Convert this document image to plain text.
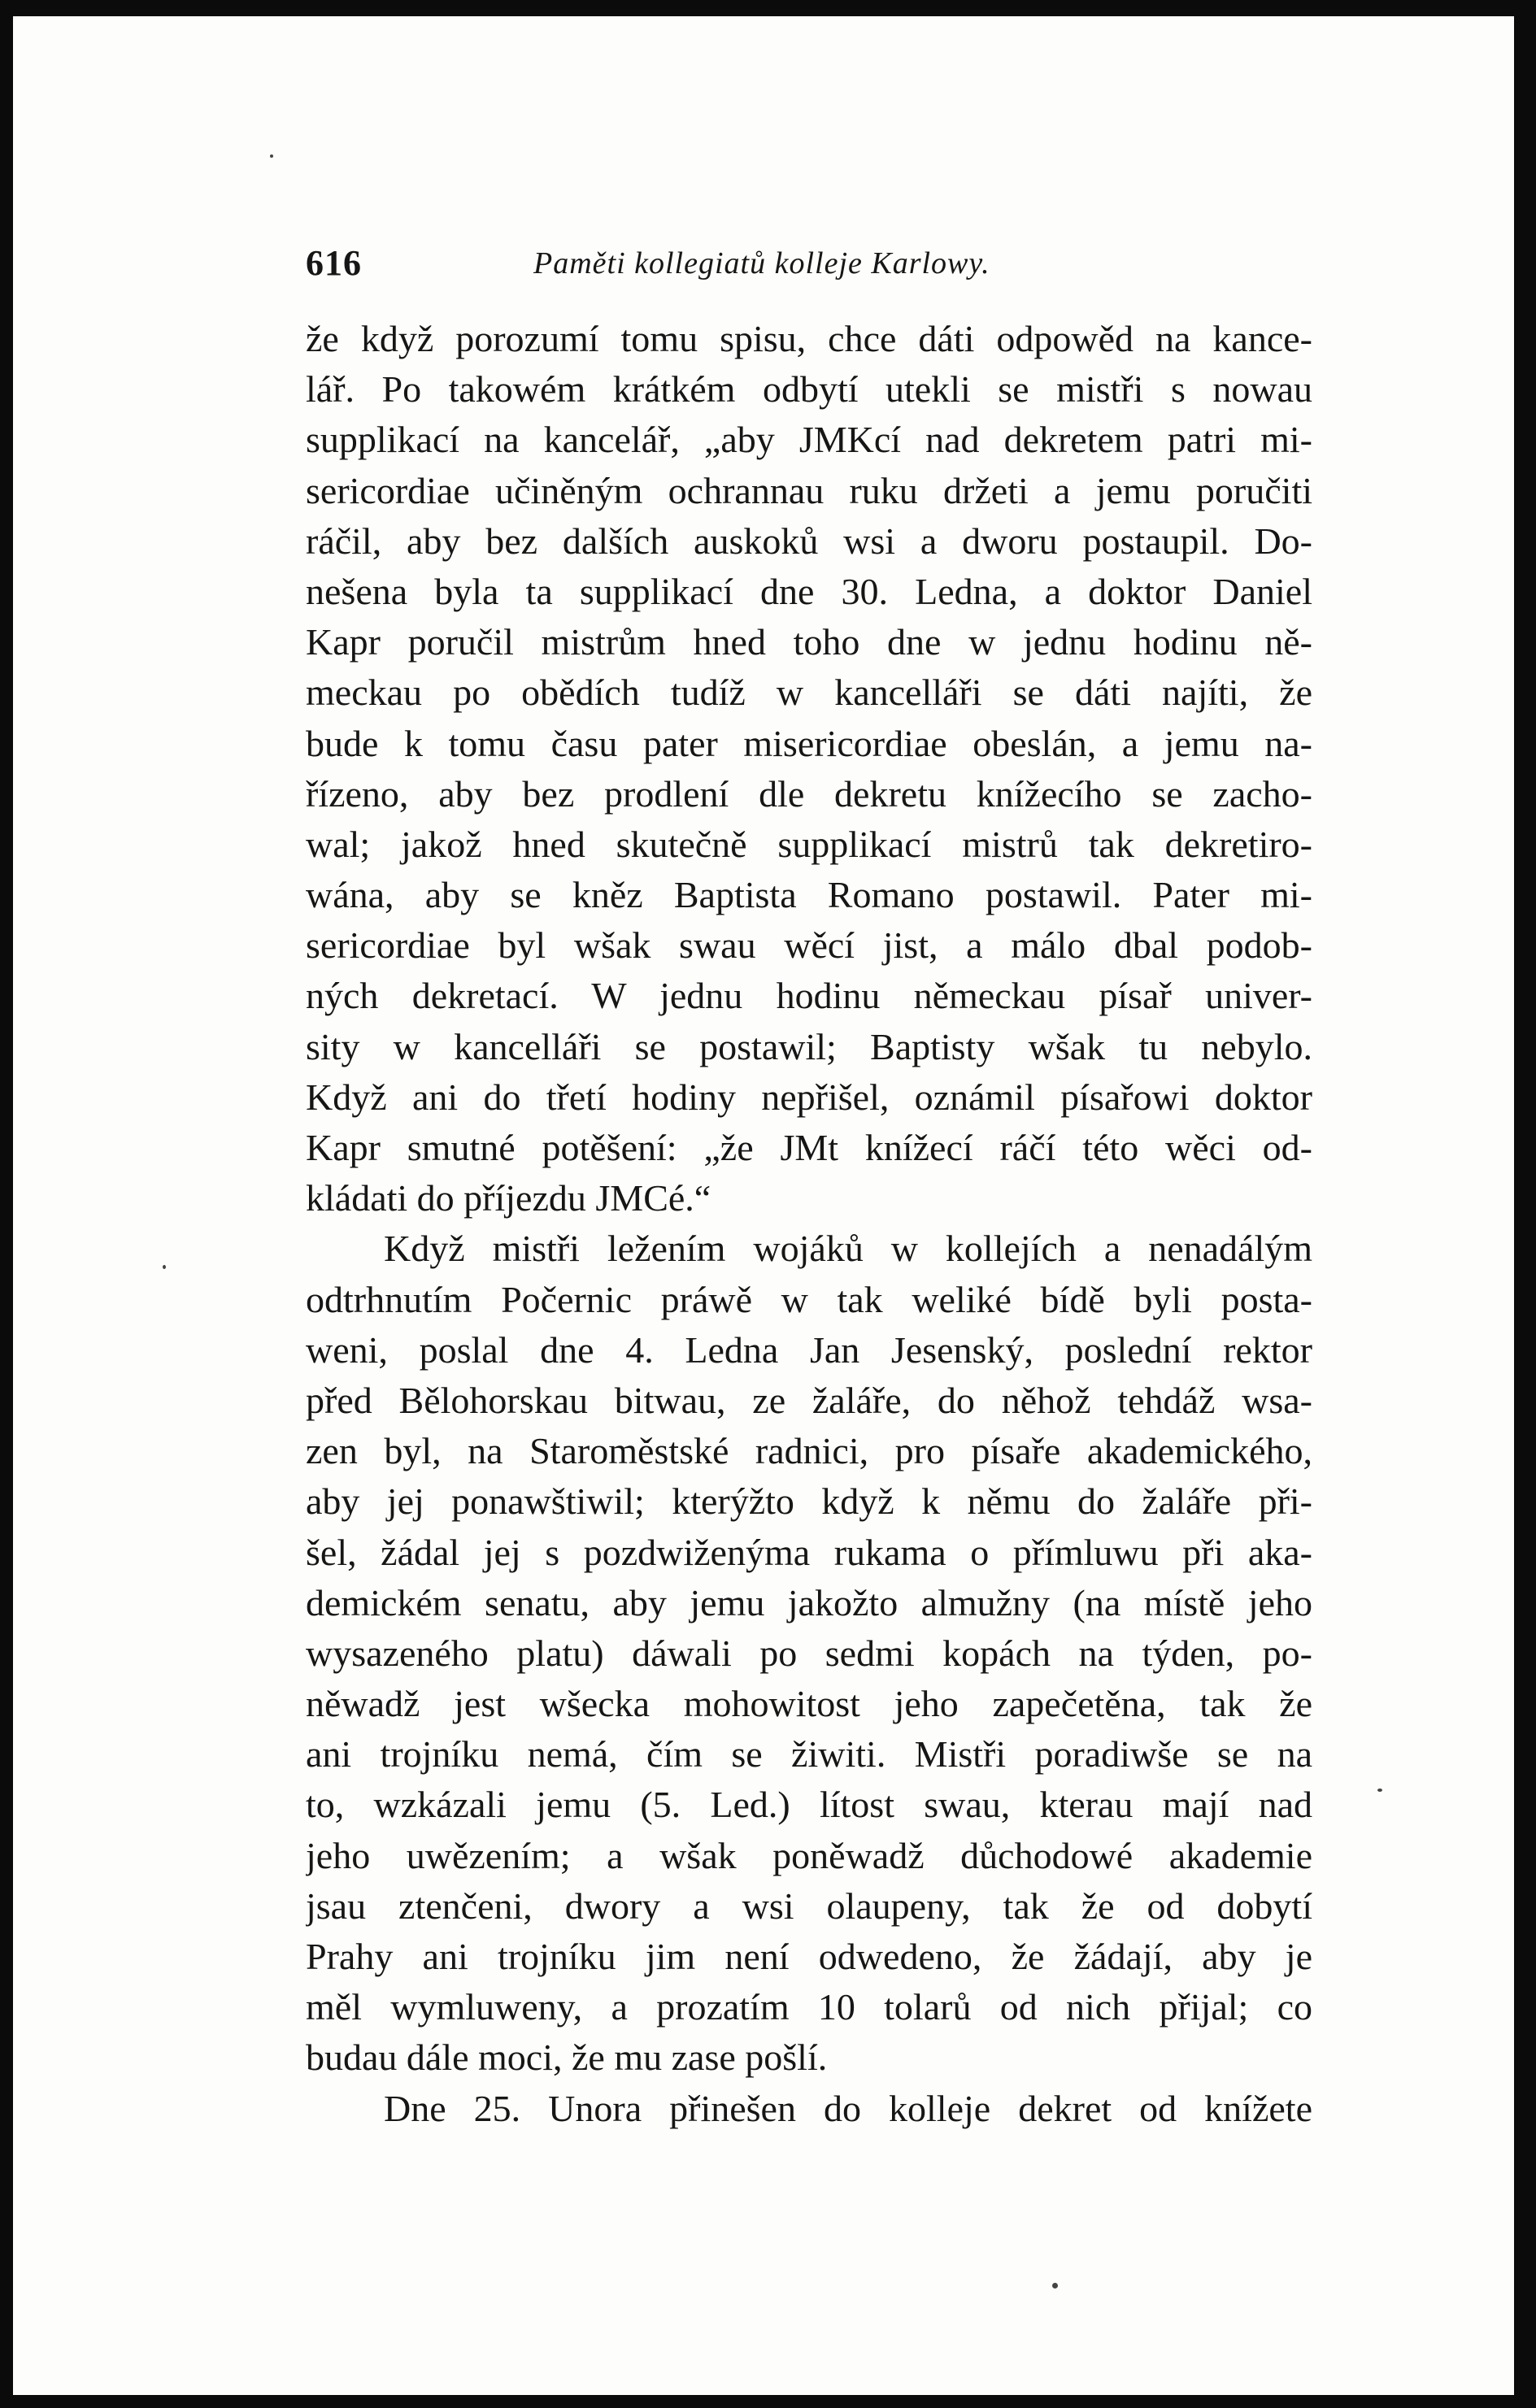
616	Paměti kollegiatů kolleje Karlowy.
že když porozumí tomu spisu, chce dáti odpowěd na kance-
lář. Po takowém krátkém odbytí utekli se mistři s nowau
supplikací na kancelář, „aby JMKcí nad dekretem patri mi-
sericordiae učiněným ochrannau ruku držeti a jemu poručiti
ráčil, aby bez dalších auskoků wsi a dworu postaupil. Do-
nešena byla ta supplikací dne 30. Ledna, a doktor Daniel
Kapr poručil mistrům hned toho dne w jednu hodinu ně-
meckau po obědích tudíž w kancelláři se dáti najíti, že
bude k tomu času pater misericordiae obeslán, a jemu na-
řízeno, aby bez prodlení dle dekretu knížecího se zacho-
wal; jakož hned skutečně supplikací mistrů tak dekretiro-
wána, aby se kněz Baptista Romano postawil. Pater mi-
sericordiae byl wšak swau wěcí jist, a málo dbal podob-
ných dekretací. W jednu hodinu německau písař univer-
sity w kancelláři se postawil; Baptisty wšak tu nebylo.
Když ani do třetí hodiny nepřišel, oznámil písařowi doktor
Kapr smutné potěšení: „že JMt knížecí ráčí této wěci od-
kládati do příjezdu JMCé.“
Když mistři ležením wojáků w kollejích a nenadálým
odtrhnutím Počernic práwě w tak weliké bídě byli posta-
weni, poslal dne 4. Ledna Jan Jesenský, poslední rektor
před Bělohorskau bitwau, ze žaláře, do něhož tehdáž wsa-
zen byl, na Staroměstské radnici, pro písaře akademického,
aby jej ponawštiwil; kterýžto když k němu do žaláře při-
šel, žádal jej s pozdwiženýma rukama o přímluwu při aka-
demickém senatu, aby jemu jakožto almužny (na místě jeho
wysazeného platu) dáwali po sedmi kopách na týden, po-
něwadž jest wšecka mohowitost jeho zapečetěna, tak že
ani trojníku nemá, čím se žiwiti. Mistři poradiwše se na
to, wzkázali jemu (5. Led.) lítost swau, kterau mají nad
jeho uwězením; a wšak poněwadž důchodowé akademie
jsau ztenčeni, dwory a wsi olaupeny, tak že od dobytí
Prahy ani trojníku jim není odwedeno, že žádají, aby je
měl wymluweny, a prozatím 10 tolarů od nich přijal; co
budau dále moci, že mu zase pošlí.
Dne 25. Unora přinešen do kolleje dekret od knížete
